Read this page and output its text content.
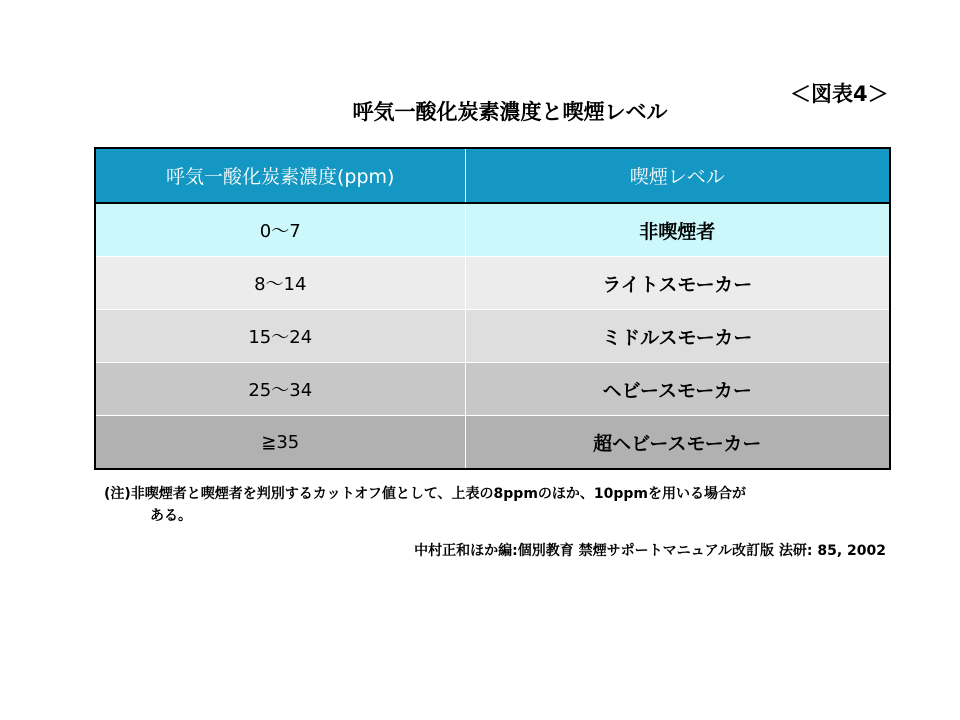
＜図表4＞
呼気一酸化炭素濃度と喫煙レベル
呼気一酸化炭素濃度(ppm)	喫煙レベル
0〜7	非喫煙者
8〜14	ライトスモーカー
15〜24	ミドルスモーカー
25〜34	ヘビースモーカー
≧35	超ヘビースモーカー
(注)非喫煙者と喫煙者を判別するカットオフ値として、上表の8ppmのほか、10ppmを用いる場合が
ある。
中村正和ほか編:個別教育 禁煙サポートマニュアル改訂版 法研: 85, 2002
